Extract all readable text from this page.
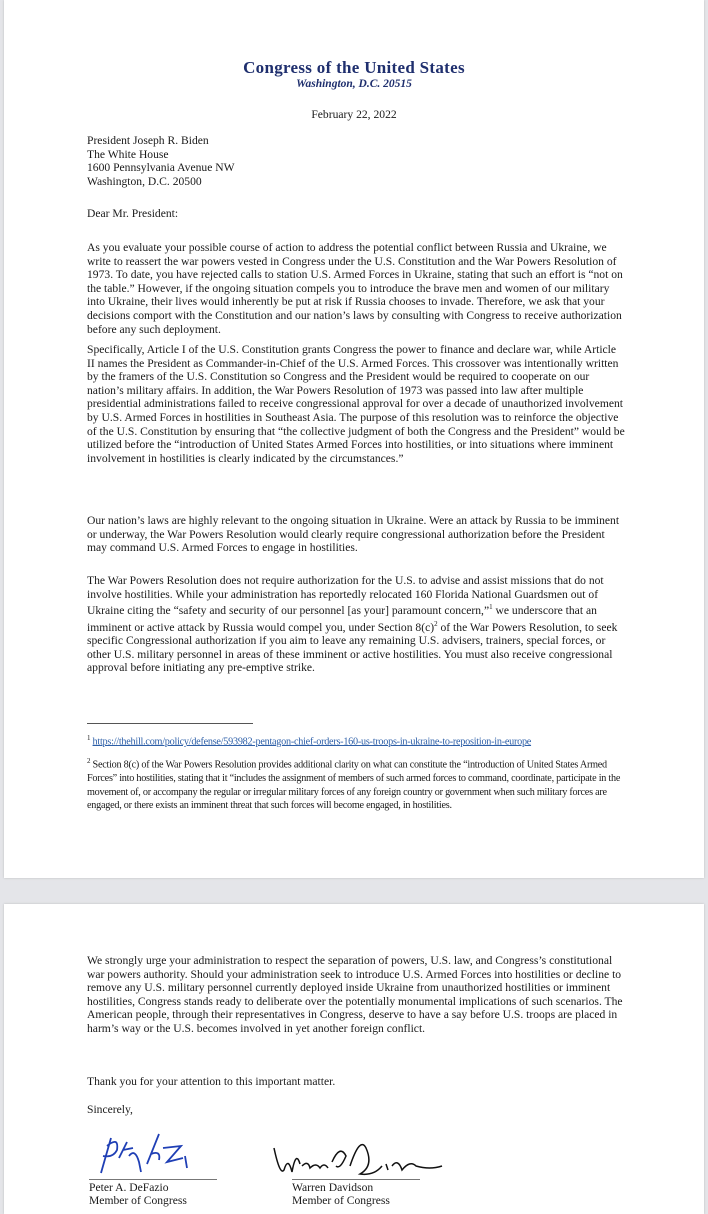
Congress of the United States
Washington, D.C. 20515
February 22, 2022
President Joseph R. Biden
The White House
1600 Pennsylvania Avenue NW
Washington, D.C. 20500

Dear Mr. President:

As you evaluate your possible course of action to address the potential conflict between Russia and Ukraine, we write to reassert the war powers vested in Congress under the U.S. Constitution and the War Powers Resolution of 1973. To date, you have rejected calls to station U.S. Armed Forces in Ukraine, stating that such an effort is “not on the table.” However, if the ongoing situation compels you to introduce the brave men and women of our military into Ukraine, their lives would inherently be put at risk if Russia chooses to invade. Therefore, we ask that your decisions comport with the Constitution and our nation’s laws by consulting with Congress to receive authorization before any such deployment.

Specifically, Article I of the U.S. Constitution grants Congress the power to finance and declare war, while Article II names the President as Commander-in-Chief of the U.S. Armed Forces. This crossover was intentionally written by the framers of the U.S. Constitution so Congress and the President would be required to cooperate on our nation’s military affairs. In addition, the War Powers Resolution of 1973 was passed into law after multiple presidential administrations failed to receive congressional approval for over a decade of unauthorized involvement by U.S. Armed Forces in hostilities in Southeast Asia. The purpose of this resolution was to reinforce the objective of the U.S. Constitution by ensuring that “the collective judgment of both the Congress and the President” would be utilized before the “introduction of United States Armed Forces into hostilities, or into situations where imminent involvement in hostilities is clearly indicated by the circumstances.”

Our nation’s laws are highly relevant to the ongoing situation in Ukraine. Were an attack by Russia to be imminent or underway, the War Powers Resolution would clearly require congressional authorization before the President may command U.S. Armed Forces to engage in hostilities.

The War Powers Resolution does not require authorization for the U.S. to advise and assist missions that do not involve hostilities. While your administration has reportedly relocated 160 Florida National Guardsmen out of Ukraine citing the “safety and security of our personnel [as your] paramount concern,”$^1$ we underscore that an imminent or active attack by Russia would compel you, under Section $8(c)^2$ of the War Powers Resolution, to seek specific Congressional authorization if you aim to leave any remaining U.S. advisers, trainers, special forces, or other U.S. military personnel in areas of these imminent or active hostilities. You must also receive congressional approval before initiating any pre-emptive strike.

$^1$ https://thehill.com/policy/defense/593982-pentagon-chief-orders-160-us-troops-in-ukraine-to-reposition-in-europe
$^2$ Section 8(c) of the War Powers Resolution provides additional clarity on what can constitute the “introduction of United States Armed Forces” into hostilities, stating that it “includes the assignment of members of such armed forces to command, coordinate, participate in the movement of, or accompany the regular or irregular military forces of any foreign country or government when such military forces are engaged, or there exists an imminent threat that such forces will become engaged, in hostilities.

We strongly urge your administration to respect the separation of powers, U.S. law, and Congress’s constitutional war powers authority. Should your administration seek to introduce U.S. Armed Forces into hostilities or decline to remove any U.S. military personnel currently deployed inside Ukraine from unauthorized hostilities or imminent hostilities, Congress stands ready to deliberate over the potentially monumental implications of such scenarios. The American people, through their representatives in Congress, deserve to have a say before U.S. troops are placed in harm’s way or the U.S. becomes involved in yet another foreign conflict.

Thank you for your attention to this important matter.

Sincerely,

Peter A. DeFazio
Member of Congress
Warren Davidson
Member of Congress
